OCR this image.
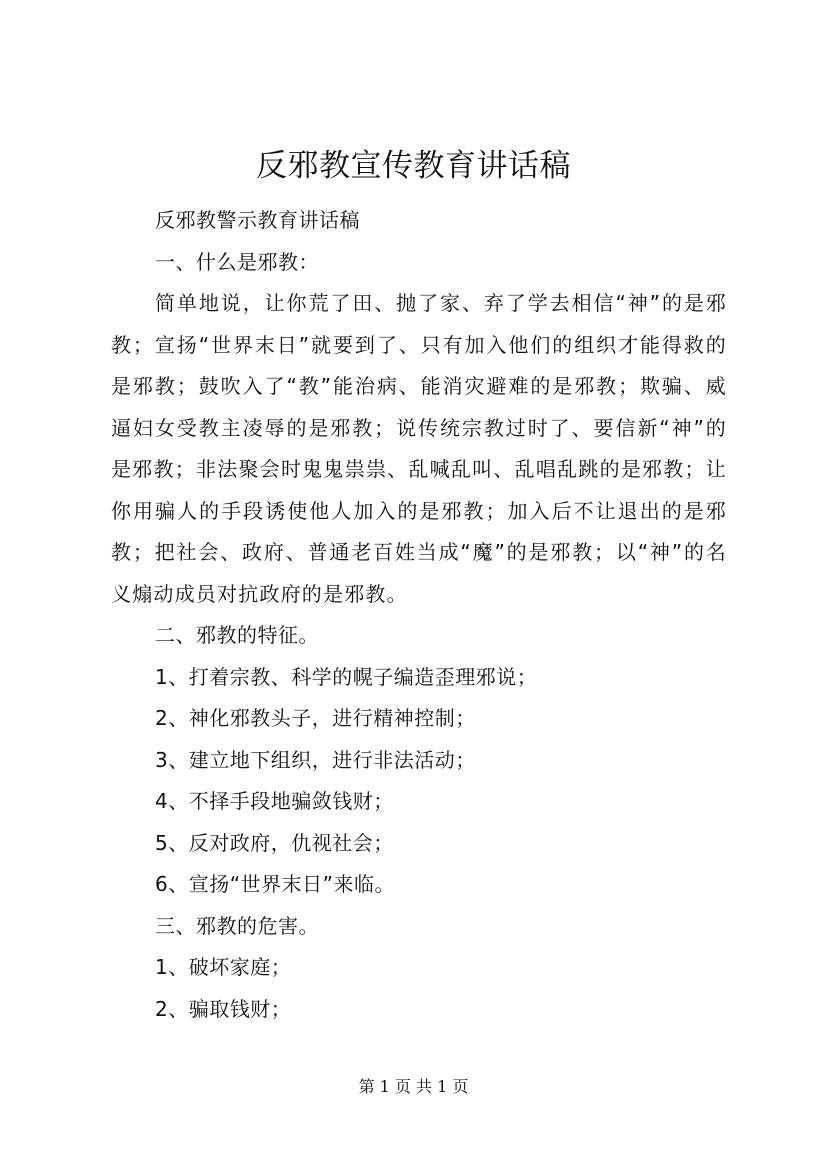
反邪教宣传教育讲话稿

反邪教警示教育讲话稿

一、什么是邪教：

简单地说，让你荒了田、抛了家、弃了学去相信“神”的是邪教；宣扬“世界末日”就要到了、只有加入他们的组织才能得救的是邪教；鼓吹入了“教”能治病、能消灾避难的是邪教；欺骗、威逼妇女受教主凌辱的是邪教；说传统宗教过时了、要信新“神”的是邪教；非法聚会时鬼鬼祟祟、乱喊乱叫、乱唱乱跳的是邪教；让你用骗人的手段诱使他人加入的是邪教；加入后不让退出的是邪教；把社会、政府、普通老百姓当成“魔”的是邪教；以“神”的名义煽动成员对抗政府的是邪教。

二、邪教的特征。

1、打着宗教、科学的幌子编造歪理邪说；

2、神化邪教头子，进行精神控制；

3、建立地下组织，进行非法活动；

4、不择手段地骗敛钱财；

5、反对政府，仇视社会；

6、宣扬“世界末日”来临。

三、邪教的危害。

1、破坏家庭；

2、骗取钱财；

第 1 页 共 1 页
